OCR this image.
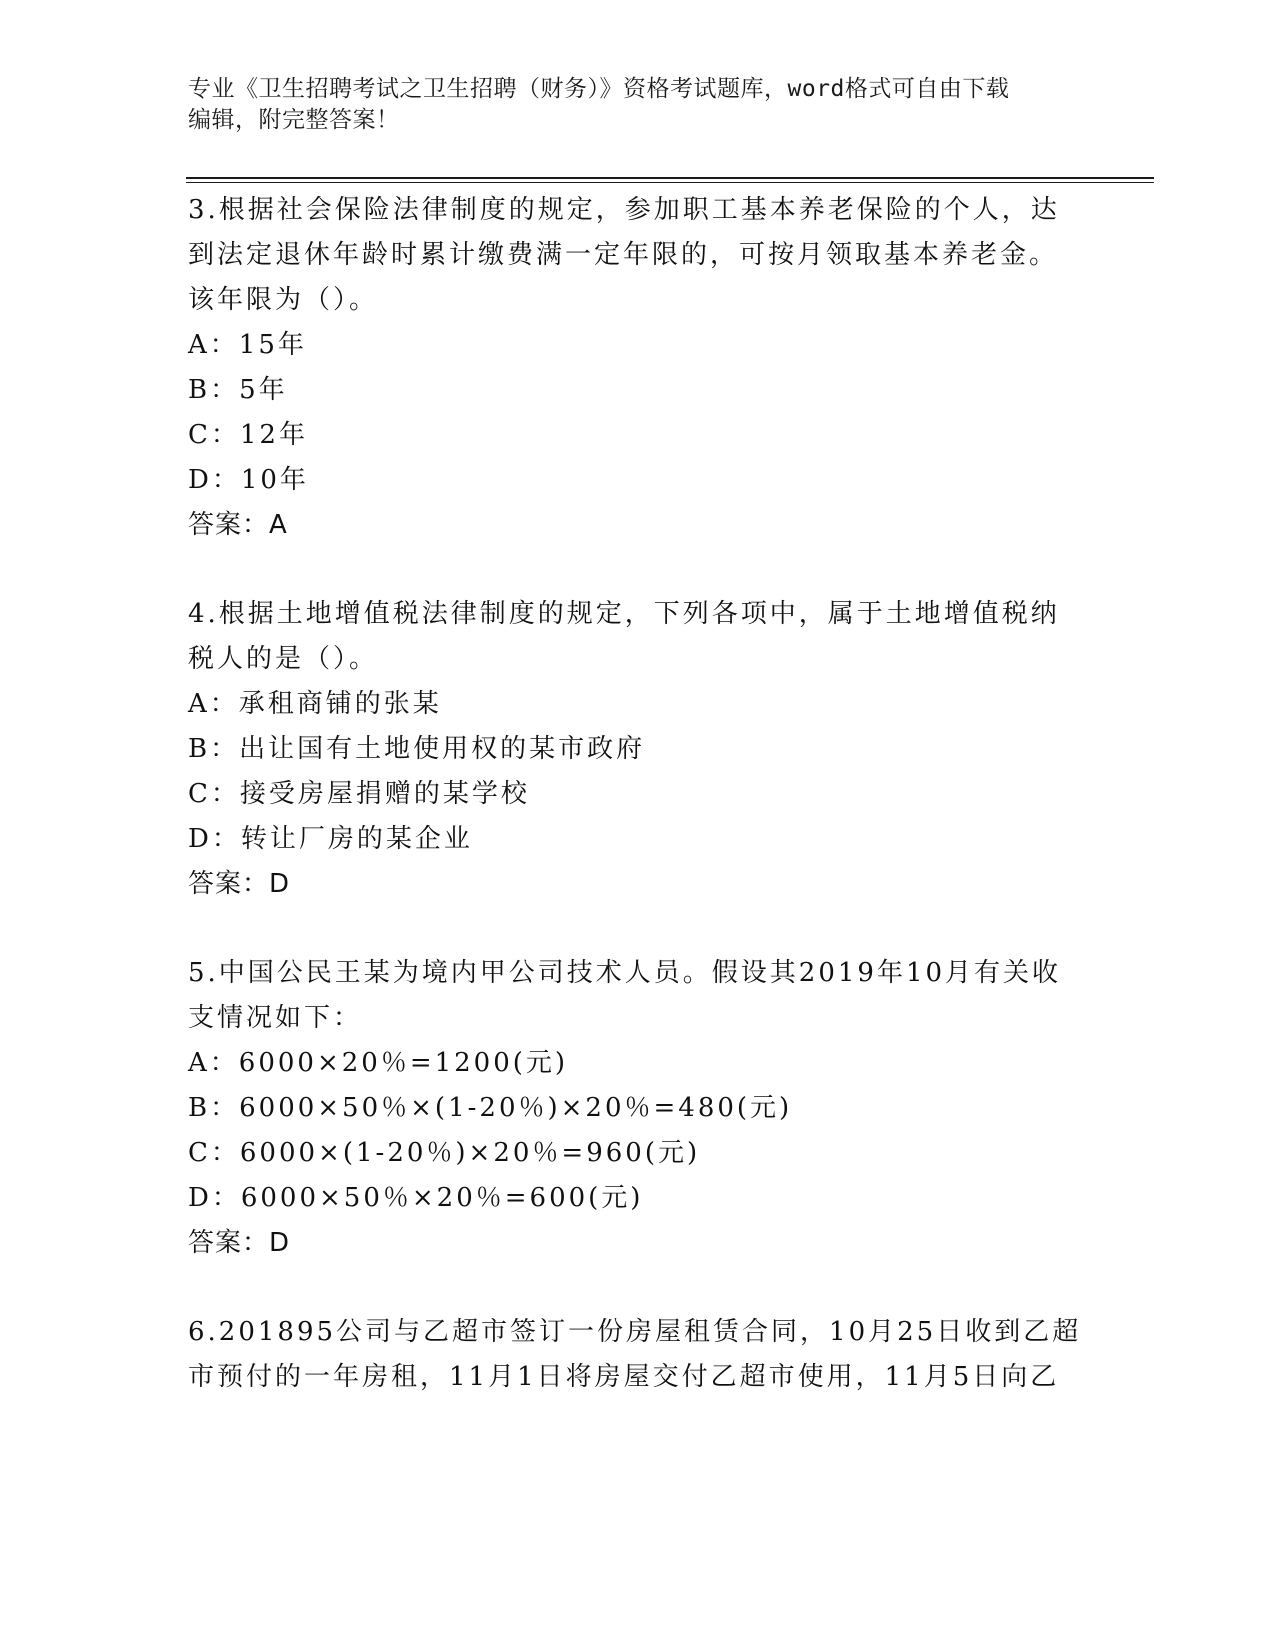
专业《卫生招聘考试之卫生招聘（财务）》资格考试题库，word格式可自由下载
编辑，附完整答案！
3.根据社会保险法律制度的规定，参加职工基本养老保险的个人，达
到法定退休年龄时累计缴费满一定年限的，可按月领取基本养老金。
该年限为（）。
A：15年
B：5年
C：12年
D：10年
答案：A
4.根据土地增值税法律制度的规定，下列各项中，属于土地增值税纳
税人的是（）。
A：承租商铺的张某
B：出让国有土地使用权的某市政府
C：接受房屋捐赠的某学校
D：转让厂房的某企业
答案：D
5.中国公民王某为境内甲公司技术人员。假设其2019年10月有关收
支情况如下：
A：6000×20％=1200(元)
B：6000×50％×(1-20％)×20％=480(元)
C：6000×(1-20％)×20％=960(元)
D：6000×50％×20％=600(元)
答案：D
6.201895公司与乙超市签订一份房屋租赁合同，10月25日收到乙超
市预付的一年房租，11月1日将房屋交付乙超市使用，11月5日向乙
